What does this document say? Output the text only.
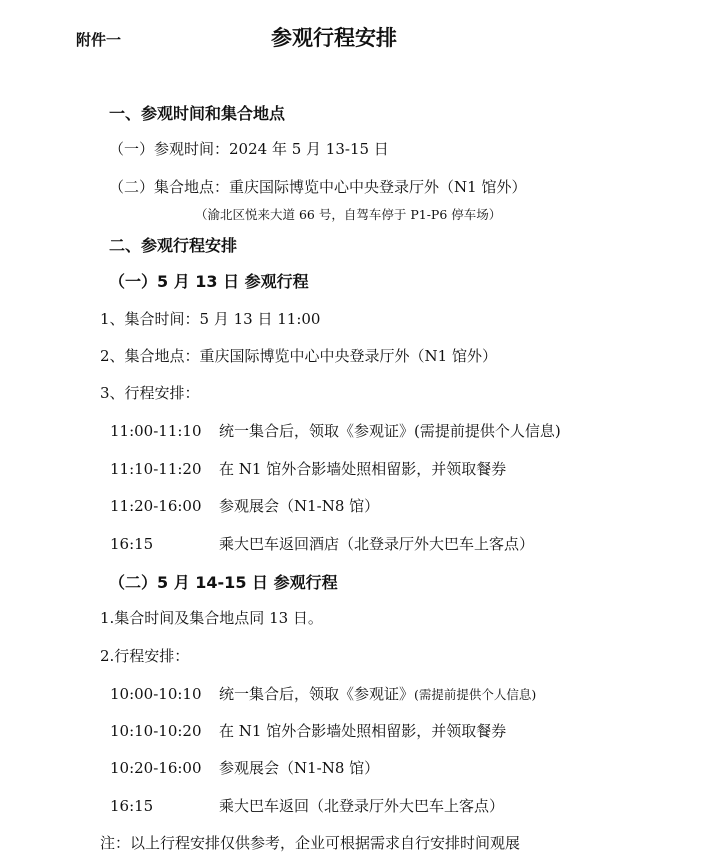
附件一	参观行程安排
一、参观时间和集合地点
（一）参观时间：2024 年 5 月 13-15 日
（二）集合地点：重庆国际博览中心中央登录厅外（N1 馆外）
（渝北区悦来大道 66 号，自驾车停于 P1-P6 停车场）
二、参观行程安排
（一）5 月 13 日 参观行程
1、集合时间：5 月 13 日 11:00
2、集合地点：重庆国际博览中心中央登录厅外（N1 馆外）
3、行程安排：
11:00-11:10 统一集合后，领取《参观证》(需提前提供个人信息)
11:10-11:20 在 N1 馆外合影墙处照相留影，并领取餐券
11:20-16:00 参观展会（N1-N8 馆）
16:15	乘大巴车返回酒店（北登录厅外大巴车上客点）
（二）5 月 14-15 日 参观行程
1.集合时间及集合地点同 13 日。
2.行程安排：
10:00-10:10 统一集合后，领取《参观证》(需提前提供个人信息)
10:10-10:20 在 N1 馆外合影墙处照相留影，并领取餐券
10:20-16:00 参观展会（N1-N8 馆）
16:15	乘大巴车返回（北登录厅外大巴车上客点）
注：以上行程安排仅供参考，企业可根据需求自行安排时间观展
